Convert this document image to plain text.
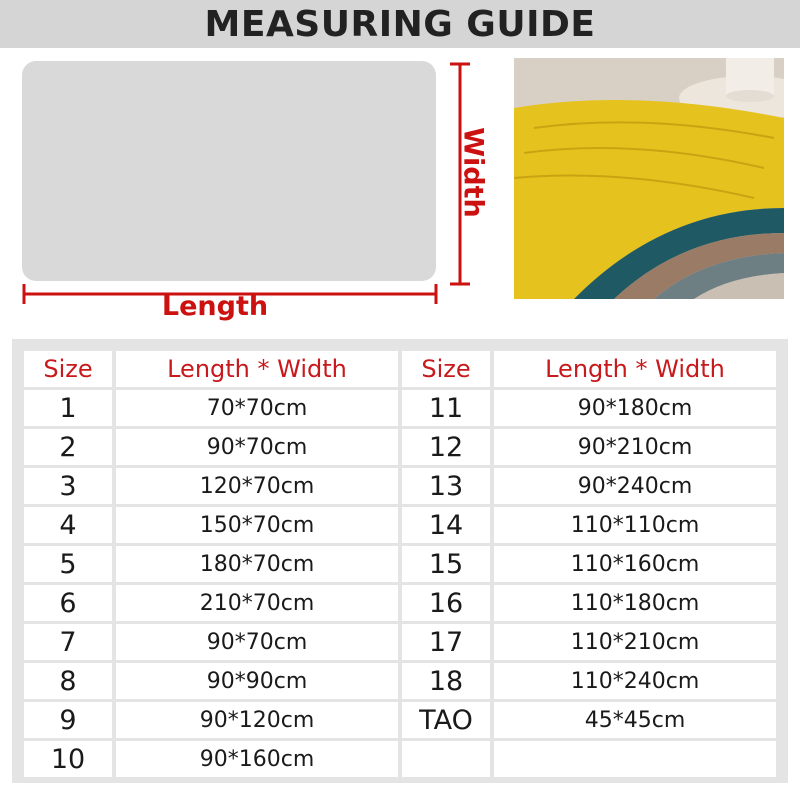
MEASURING GUIDE
Length
Width
Size	Length * Width
1	70*70cm
2	90*70cm
3	120*70cm
4	150*70cm
5	180*70cm
6	210*70cm
7	90*70cm
8	90*90cm
9	90*120cm
10	90*160cm
Size	Length * Width
11	90*180cm
12	90*210cm
13	90*240cm
14	110*110cm
15	110*160cm
16	110*180cm
17	110*210cm
18	110*240cm
TAO	45*45cm
